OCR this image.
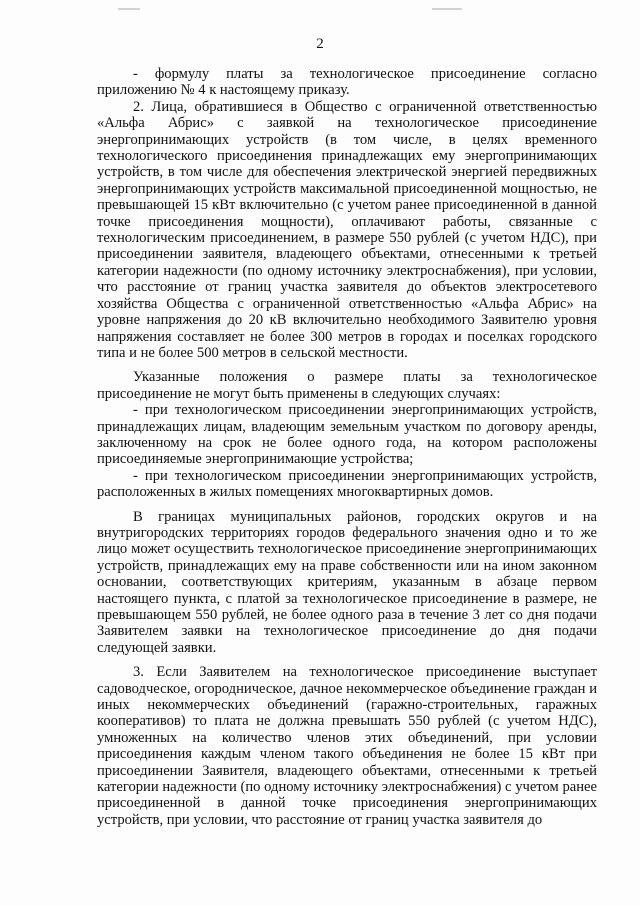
2

- формулу платы за технологическое присоединение согласно приложению № 4 к настоящему приказу.

2. Лица, обратившиеся в Общество с ограниченной ответственностью «Альфа Абрис» с заявкой на технологическое присоединение энергопринимающих устройств (в том числе, в целях временного технологического присоединения принадлежащих ему энергопринимающих устройств, в том числе для обеспечения электрической энергией передвижных энергопринимающих устройств максимальной присоединенной мощностью, не превышающей 15 кВт включительно (с учетом ранее присоединенной в данной точке присоединения мощности), оплачивают работы, связанные с технологическим присоединением, в размере 550 рублей (с учетом НДС), при присоединении заявителя, владеющего объектами, отнесенными к третьей категории надежности (по одному источнику электроснабжения), при условии, что расстояние от границ участка заявителя до объектов электросетевого хозяйства Общества с ограниченной ответственностью «Альфа Абрис» на уровне напряжения до 20 кВ включительно необходимого Заявителю уровня напряжения составляет не более 300 метров в городах и поселках городского типа и не более 500 метров в сельской местности.

Указанные положения о размере платы за технологическое присоединение не могут быть применены в следующих случаях:

- при технологическом присоединении энергопринимающих устройств, принадлежащих лицам, владеющим земельным участком по договору аренды, заключенному на срок не более одного года, на котором расположены присоединяемые энергопринимающие устройства;

- при технологическом присоединении энергопринимающих устройств, расположенных в жилых помещениях многоквартирных домов.

В границах муниципальных районов, городских округов и на внутригородских территориях городов федерального значения одно и то же лицо может осуществить технологическое присоединение энергопринимающих устройств, принадлежащих ему на праве собственности или на ином законном основании, соответствующих критериям, указанным в абзаце первом настоящего пункта, с платой за технологическое присоединение в размере, не превышающем 550 рублей, не более одного раза в течение 3 лет со дня подачи Заявителем заявки на технологическое присоединение до дня подачи следующей заявки.

3. Если Заявителем на технологическое присоединение выступает садоводческое, огородническое, дачное некоммерческое объединение граждан и иных некоммерческих объединений (гаражно-строительных, гаражных кооперативов) то плата не должна превышать 550 рублей (с учетом НДС), умноженных на количество членов этих объединений, при условии присоединения каждым членом такого объединения не более 15 кВт при присоединении Заявителя, владеющего объектами, отнесенными к третьей категории надежности (по одному источнику электроснабжения) с учетом ранее присоединенной в данной точке присоединения энергопринимающих устройств, при условии, что расстояние от границ участка заявителя до
